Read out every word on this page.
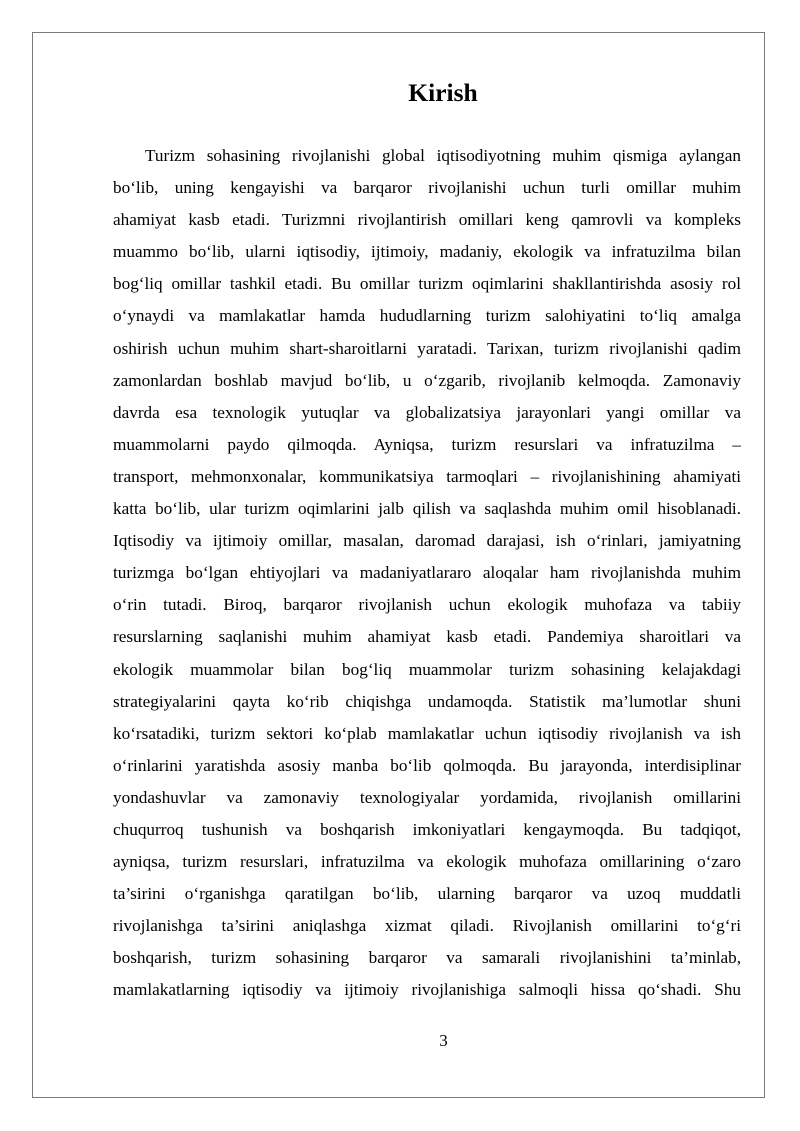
Kirish

Turizm sohasining rivojlanishi global iqtisodiyotning muhim qismiga aylangan
bo‘lib, uning kengayishi va barqaror rivojlanishi uchun turli omillar muhim
ahamiyat kasb etadi. Turizmni rivojlantirish omillari keng qamrovli va kompleks
muammo bo‘lib, ularni iqtisodiy, ijtimoiy, madaniy, ekologik va infratuzilma bilan
bog‘liq omillar tashkil etadi. Bu omillar turizm oqimlarini shakllantirishda asosiy rol
o‘ynaydi va mamlakatlar hamda hududlarning turizm salohiyatini to‘liq amalga
oshirish uchun muhim shart-sharoitlarni yaratadi. Tarixan, turizm rivojlanishi qadim
zamonlardan boshlab mavjud bo‘lib, u o‘zgarib, rivojlanib kelmoqda. Zamonaviy
davrda esa texnologik yutuqlar va globalizatsiya jarayonlari yangi omillar va
muammolarni paydo qilmoqda. Ayniqsa, turizm resurslari va infratuzilma –
transport, mehmonxonalar, kommunikatsiya tarmoqlari – rivojlanishining ahamiyati
katta bo‘lib, ular turizm oqimlarini jalb qilish va saqlashda muhim omil hisoblanadi.
Iqtisodiy va ijtimoiy omillar, masalan, daromad darajasi, ish o‘rinlari, jamiyatning
turizmga bo‘lgan ehtiyojlari va madaniyatlararo aloqalar ham rivojlanishda muhim
o‘rin tutadi. Biroq, barqaror rivojlanish uchun ekologik muhofaza va tabiiy
resurslarning saqlanishi muhim ahamiyat kasb etadi. Pandemiya sharoitlari va
ekologik muammolar bilan bog‘liq muammolar turizm sohasining kelajakdagi
strategiyalarini qayta ko‘rib chiqishga undamoqda. Statistik ma’lumotlar shuni
ko‘rsatadiki, turizm sektori ko‘plab mamlakatlar uchun iqtisodiy rivojlanish va ish
o‘rinlarini yaratishda asosiy manba bo‘lib qolmoqda. Bu jarayonda, interdisiplinar
yondashuvlar va zamonaviy texnologiyalar yordamida, rivojlanish omillarini
chuqurroq tushunish va boshqarish imkoniyatlari kengaymoqda. Bu tadqiqot,
ayniqsa, turizm resurslari, infratuzilma va ekologik muhofaza omillarining o‘zaro
ta’sirini o‘rganishga qaratilgan bo‘lib, ularning barqaror va uzoq muddatli
rivojlanishga ta’sirini aniqlashga xizmat qiladi. Rivojlanish omillarini to‘g‘ri
boshqarish, turizm sohasining barqaror va samarali rivojlanishini ta’minlab,
mamlakatlarning iqtisodiy va ijtimoiy rivojlanishiga salmoqli hissa qo‘shadi. Shu

3
